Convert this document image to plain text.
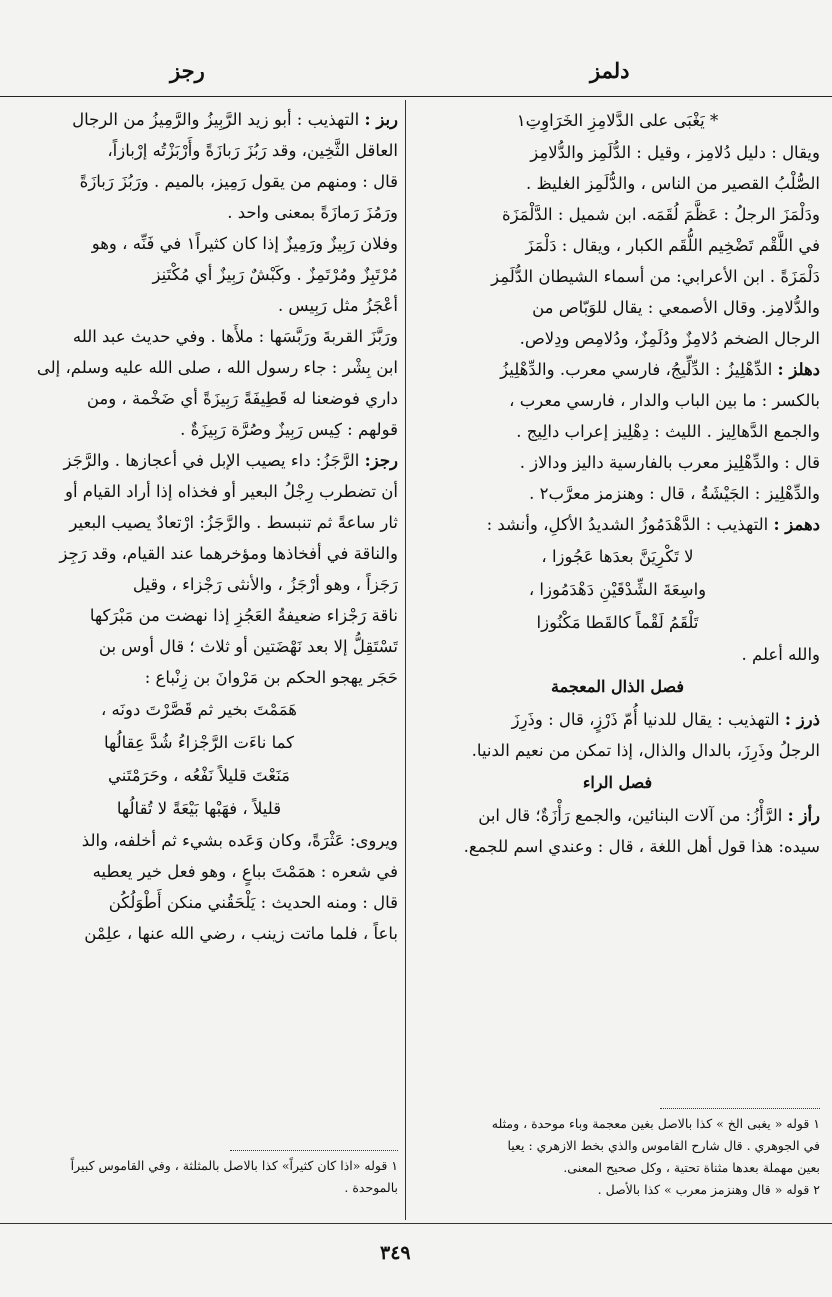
دلمز
رجز

* يَغْبَى على الدَّلامِزِ الخَرَاوِتِ١

ويقال : دليل دُلامِز ، وقيل : الدُّلَمِز والدُّلامِز

الصُّلْبُ القصير من الناس ، والدُّلَمِز الغليظ .

ودَلْمَزَ الرجلُ : عَظَّمَ لُقَمَه. ابن شميل : الدَّلْمَزَة

في اللَّقْم تَضْخِيم اللُّقَم الكبار ، ويقال : دَلْمَزَ

دَلْمَزَةً . ابن الأعرابي: من أسماء الشيطان الدُّلَمِز

والدُّلامِز. وقال الأصمعي : يقال للوَبّاص من

الرجال الضخم دُلامِزٌ ودُلَمِزٌ، ودُلامِص ودِلاص.

دهلز : الدِّهْلِيزُ : الدِّلِّيجُ، فارسي معرب. والدِّهْلِيزُ

بالكسر : ما بين الباب والدار ، فارسي معرب ،

والجمع الدَّهالِيز . الليث : دِهْلِيز إعراب دالِيج .

قال : والدِّهْلِيز معرب بالفارسية داليز ودالاز .

والدِّهْلِيز : الجَيْشَةُ ، قال : وهنزمز معرَّب٢ .

دهمز : التهذيب : الدَّهْدَمُوزُ الشديدُ الأكلِ، وأنشد :

لا تَكْرِيَنَّ بعدَها عَجُوزا ،

واسِعَةَ الشِّدْقَيْنِ دَهْدَمُوزا ،

تَلْقَمُ لَقْماً كالقَطا مَكْنُوزا

والله أعلم .

فصل الذال المعجمة

ذرز : التهذيب : يقال للدنيا أُمّ ذَرْزٍ، قال : وذَرِزَ

الرجلُ وذَرِزَ، بالدال والذال، إذا تمكن من نعيم الدنيا.

فصل الراء

رأز : الرَّأْزُ: من آلات البنائين، والجمع رَأْزَةٌ؛ قال ابن

سيده: هذا قول أهل اللغة ، قال : وعندي اسم للجمع.

١ قوله « يغبى الخ » كذا بالاصل بغين معجمة وباء موحدة ، ومثله

في الجوهري . قال شارح القاموس والذي بخط الازهري : يعيا

بعين مهملة بعدها مثناة تحتية ، وكل صحيح المعنى.

٢ قوله « قال وهنزمز معرب » كذا بالأصل .

ربز : التهذيب : أبو زيد الرَّبِيزُ والرَّمِيزُ من الرجال

العاقل الثَّخِين، وقد رَبُزَ رَبازَةً وأَرْبَزْتُه إرْبازاً،

قال : ومنهم من يقول رَمِيز، بالميم . ورَبُزَ رَبازَةً

ورَمُزَ رَمازَةً بمعنى واحد .

وفلان رَبِيزٌ ورَمِيزٌ إذا كان كثيراً١ في فَنِّه ، وهو

مُرْتَبِزٌ ومُرْتَمِزٌ . وكَبْشٌ رَبِيزٌ أي مُكْتَنِز

أعْجَزُ مثل رَبِيس .

ورَبَّزَ القربةَ ورَبَّسَها : ملأَها . وفي حديث عبد الله

ابن بِشْر : جاء رسول الله ، صلى الله عليه وسلم، إلى

داري فوضعنا له قَطِيفَةً رَبِيزَةً أي ضَخْمة ، ومن

قولهم : كِيس رَبِيزٌ وصُرَّة رَبِيزَةٌ .

رجز: الرَّجَزُ: داء يصيب الإبل في أعجازها . والرَّجَز

أن تضطرب رِجْلُ البعير أو فخذاه إذا أراد القيام أو

ثار ساعةً ثم تنبسط . والرَّجَزُ: ارْتعادٌ يصيب البعير

والناقة في أفخاذها ومؤخرهما عند القيام، وقد رَجِز

رَجَزاً ، وهو أرْجَزُ ، والأنثى رَجْزاء ، وقيل

ناقة رَجْزاء ضعيفةُ العَجُزِ إذا نهضت من مَبْرَكها

تَسْتَقِلُّ إلا بعد نَهْضَتين أو ثلاث ؛ قال أوس بن

حَجَر يهجو الحكم بن مَرْوانَ بن زِنْباع :

هَمَمْتَ بخير ثم قَصَّرْتَ دونَه ،

كما ناءَت الرَّجْزاءُ شُدَّ عِقالُها

مَنَعْتَ قليلاً نَفْعُه ، وحَرَمْتَني

قليلاً ، فهَبْها بَيْعَةً لا تُقالُها

ويروى: عَثْرَةً، وكان وَعَده بشيء ثم أخلفه، والذ

في شعره : همَمْتَ بباعٍ ، وهو فعل خير يعطيه

قال : ومنه الحديث : يَلْحَقُني منكن أَطْوَلُكُن

باعاً ، فلما ماتت زينب ، رضي الله عنها ، علِمْن

١ قوله «اذا كان كثيراً» كذا بالاصل بالمثلثة ، وفي القاموس كبيراً

بالموحدة .

٣٤٩
